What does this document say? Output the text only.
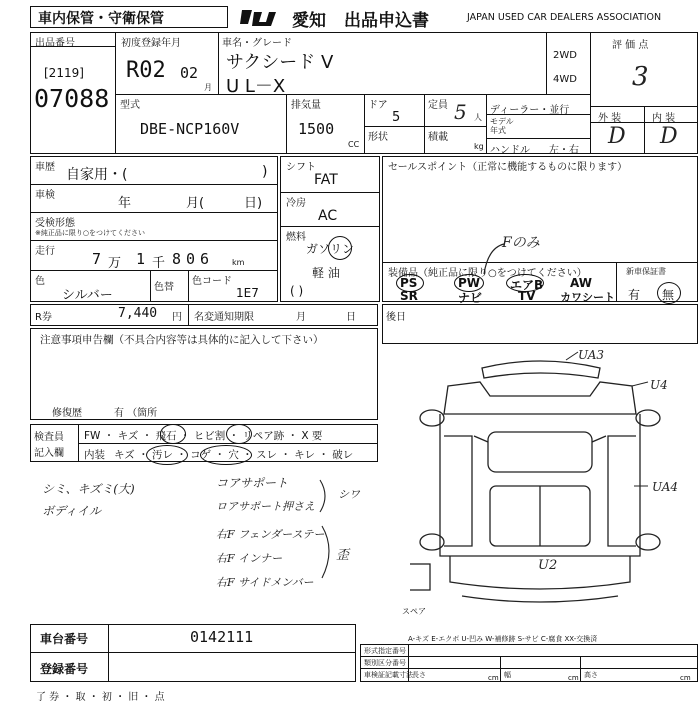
車内保管・守衛保管	愛知 出品申込書	JAPAN USED CAR DEALERS ASSOCIATION
出品番号
[2119]
07088
初度登録年月
R02 02
月
車名・グレード
サクシード V
U L－X
2WD
4WD
評 価 点
3
型式
DBE-NCP160V
排気量
1500
CC
ドア
5
形状
定員 5 人
積載
kg
ディーラー・並行
モデル 年式
ハンドル 左・右
外 装	内 装
D D
車歴 自家用・(	)
車検
年	月(	日)
受検形態
※純正品に限り○をつけてください
走行 7 万 1 千 806 km
色
シルバー
色替
色コード
1E7
シフト
FAT
冷房
AC
燃料
ガソリン
軽 油
( )
セールスポイント（正常に機能するものに限ります）
Fのみ
装備品（純正品に限り○をつけてください）
PS	PW エアB AW
SR	ナビ	TV カワシート
新車保証書
有 無
R券	7,440 円 名変通知期限	月	日	後日
注意事項申告欄（不具合内容等は具体的に記入して下さい）
修復歴	有 （箇所
検査員
記入欄
FW ・ キズ ・ 飛石 ・ ヒビ割 ・ リペア跡 ・ X 要
内装 キズ ・ 汚レ ・ コゲ ・ 穴 ・ スレ ・ キレ ・ 破レ
シミ、キズミ(大)
ボディイル
コアサポート
ロアサポート押さえ
シワ
右F フェンダーステー
右F インナー
右F サイドメンバー
歪
UA3
U4
UA4
U2
スペア
A-キズ E-エクボ U-凹み W-補修跡 S-サビ C-腐食 XX-交換済
車台番号	0142111
登録番号
形式指定番号
類別区分番号
車検証記載寸法 長さ	cm 幅	cm 高さ	cm
了 券 ・ 取 ・ 初 ・ 旧 ・ 点
